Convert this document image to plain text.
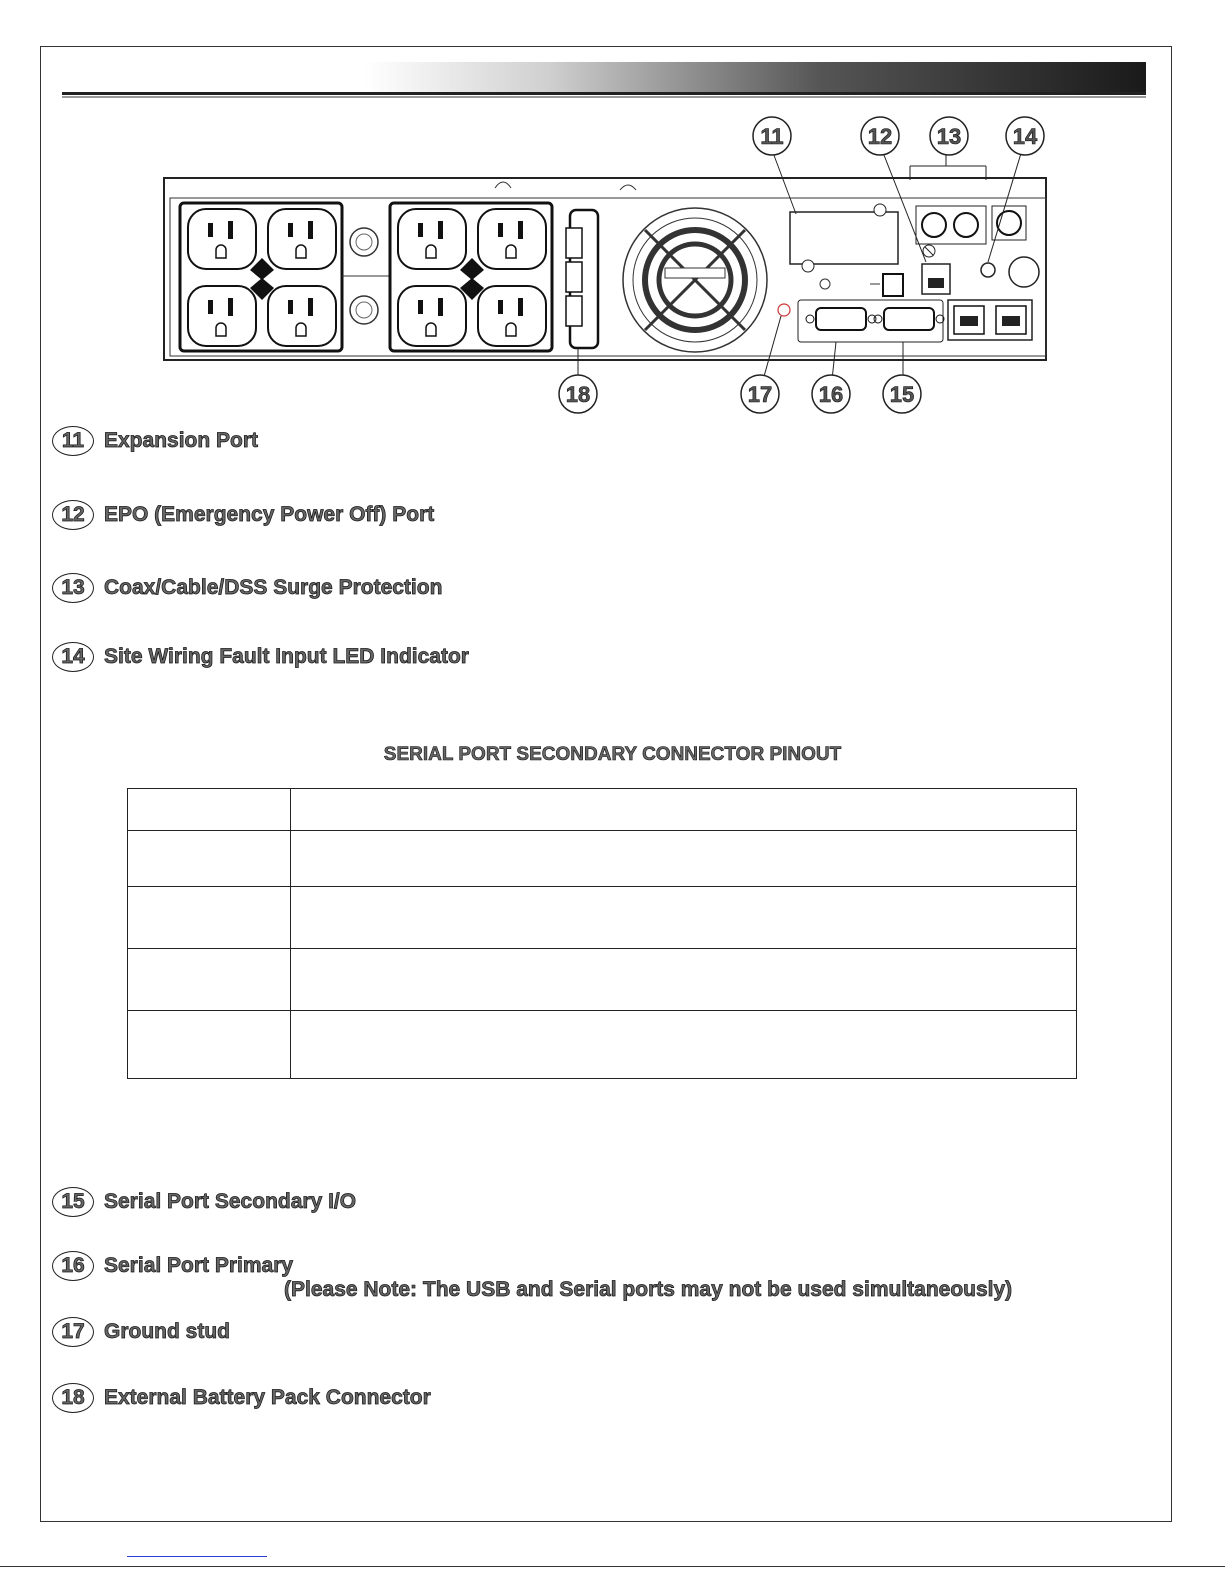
11	12 13 14
18	17 16 15
11 Expansion Port
12 EPO (Emergency Power Off) Port
13 Coax/Cable/DSS Surge Protection
14 Site Wiring Fault Input LED Indicator
SERIAL PORT SECONDARY CONNECTOR PINOUT

15 Serial Port Secondary I/O
16 Serial Port Primary
(Please Note: The USB and Serial ports may not be used simultaneously)
17 Ground stud
18 External Battery Pack Connector
